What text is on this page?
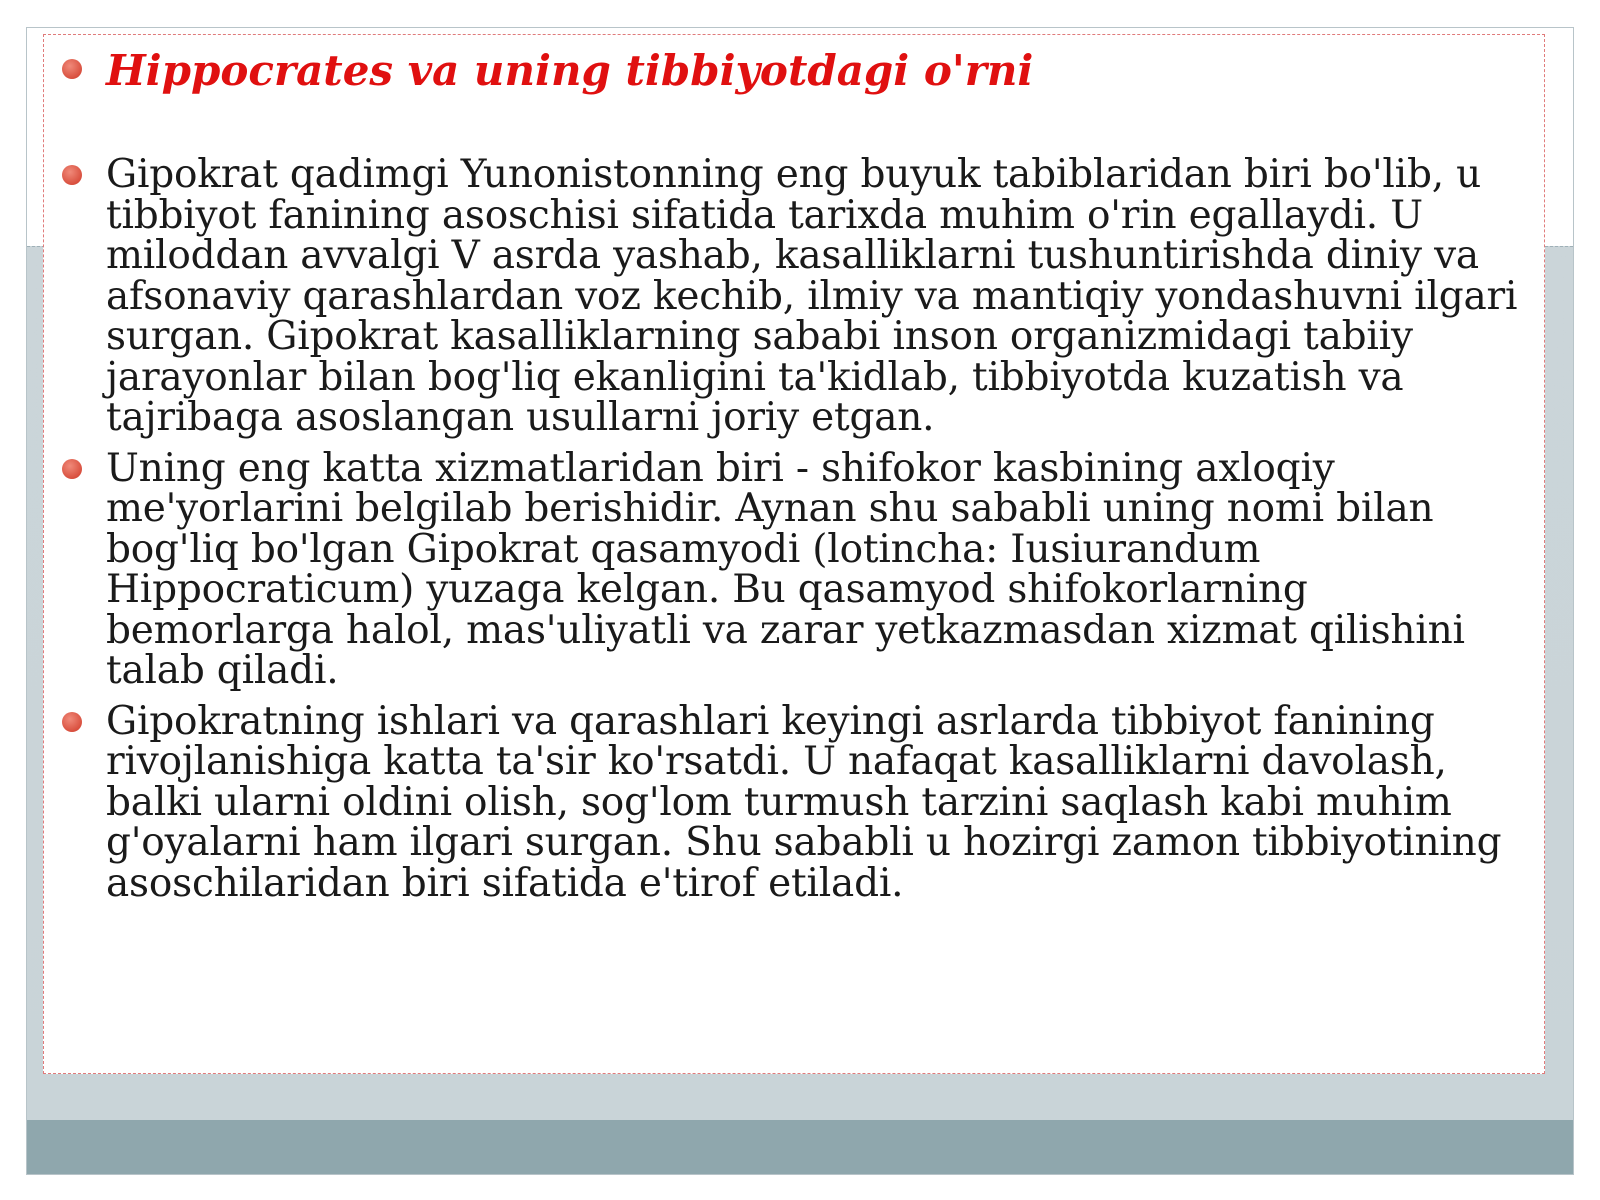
Hippocrates va uning tibbiyotdagi o'rni
Gipokrat qadimgi Yunonistonning eng buyuk tabiblaridan biri bo'lib, u tibbiyot fanining asoschisi sifatida tarixda muhim o'rin egallaydi. U miloddan avvalgi V asrda yashab, kasalliklarni tushuntirishda diniy va afsonaviy qarashlardan voz kechib, ilmiy va mantiqiy yondashuvni ilgari surgan. Gipokrat kasalliklarning sababi inson organizmidagi tabiiy jarayonlar bilan bog'liq ekanligini ta'kidlab, tibbiyotda kuzatish va tajribaga asoslangan usullarni joriy etgan.
Uning eng katta xizmatlaridan biri - shifokor kasbining axloqiy me'yorlarini belgilab berishidir. Aynan shu sababli uning nomi bilan bog'liq bo'lgan Gipokrat qasamyodi (lotincha: Iusiurandum Hippocraticum) yuzaga kelgan. Bu qasamyod shifokorlarning bemorlarga halol, mas'uliyatli va zarar yetkazmasdan xizmat qilishini talab qiladi.
Gipokratning ishlari va qarashlari keyingi asrlarda tibbiyot fanining rivojlanishiga katta ta'sir ko'rsatdi. U nafaqat kasalliklarni davolash, balki ularni oldini olish, sog'lom turmush tarzini saqlash kabi muhim g'oyalarni ham ilgari surgan. Shu sababli u hozirgi zamon tibbiyotining asoschilaridan biri sifatida e'tirof etiladi.
